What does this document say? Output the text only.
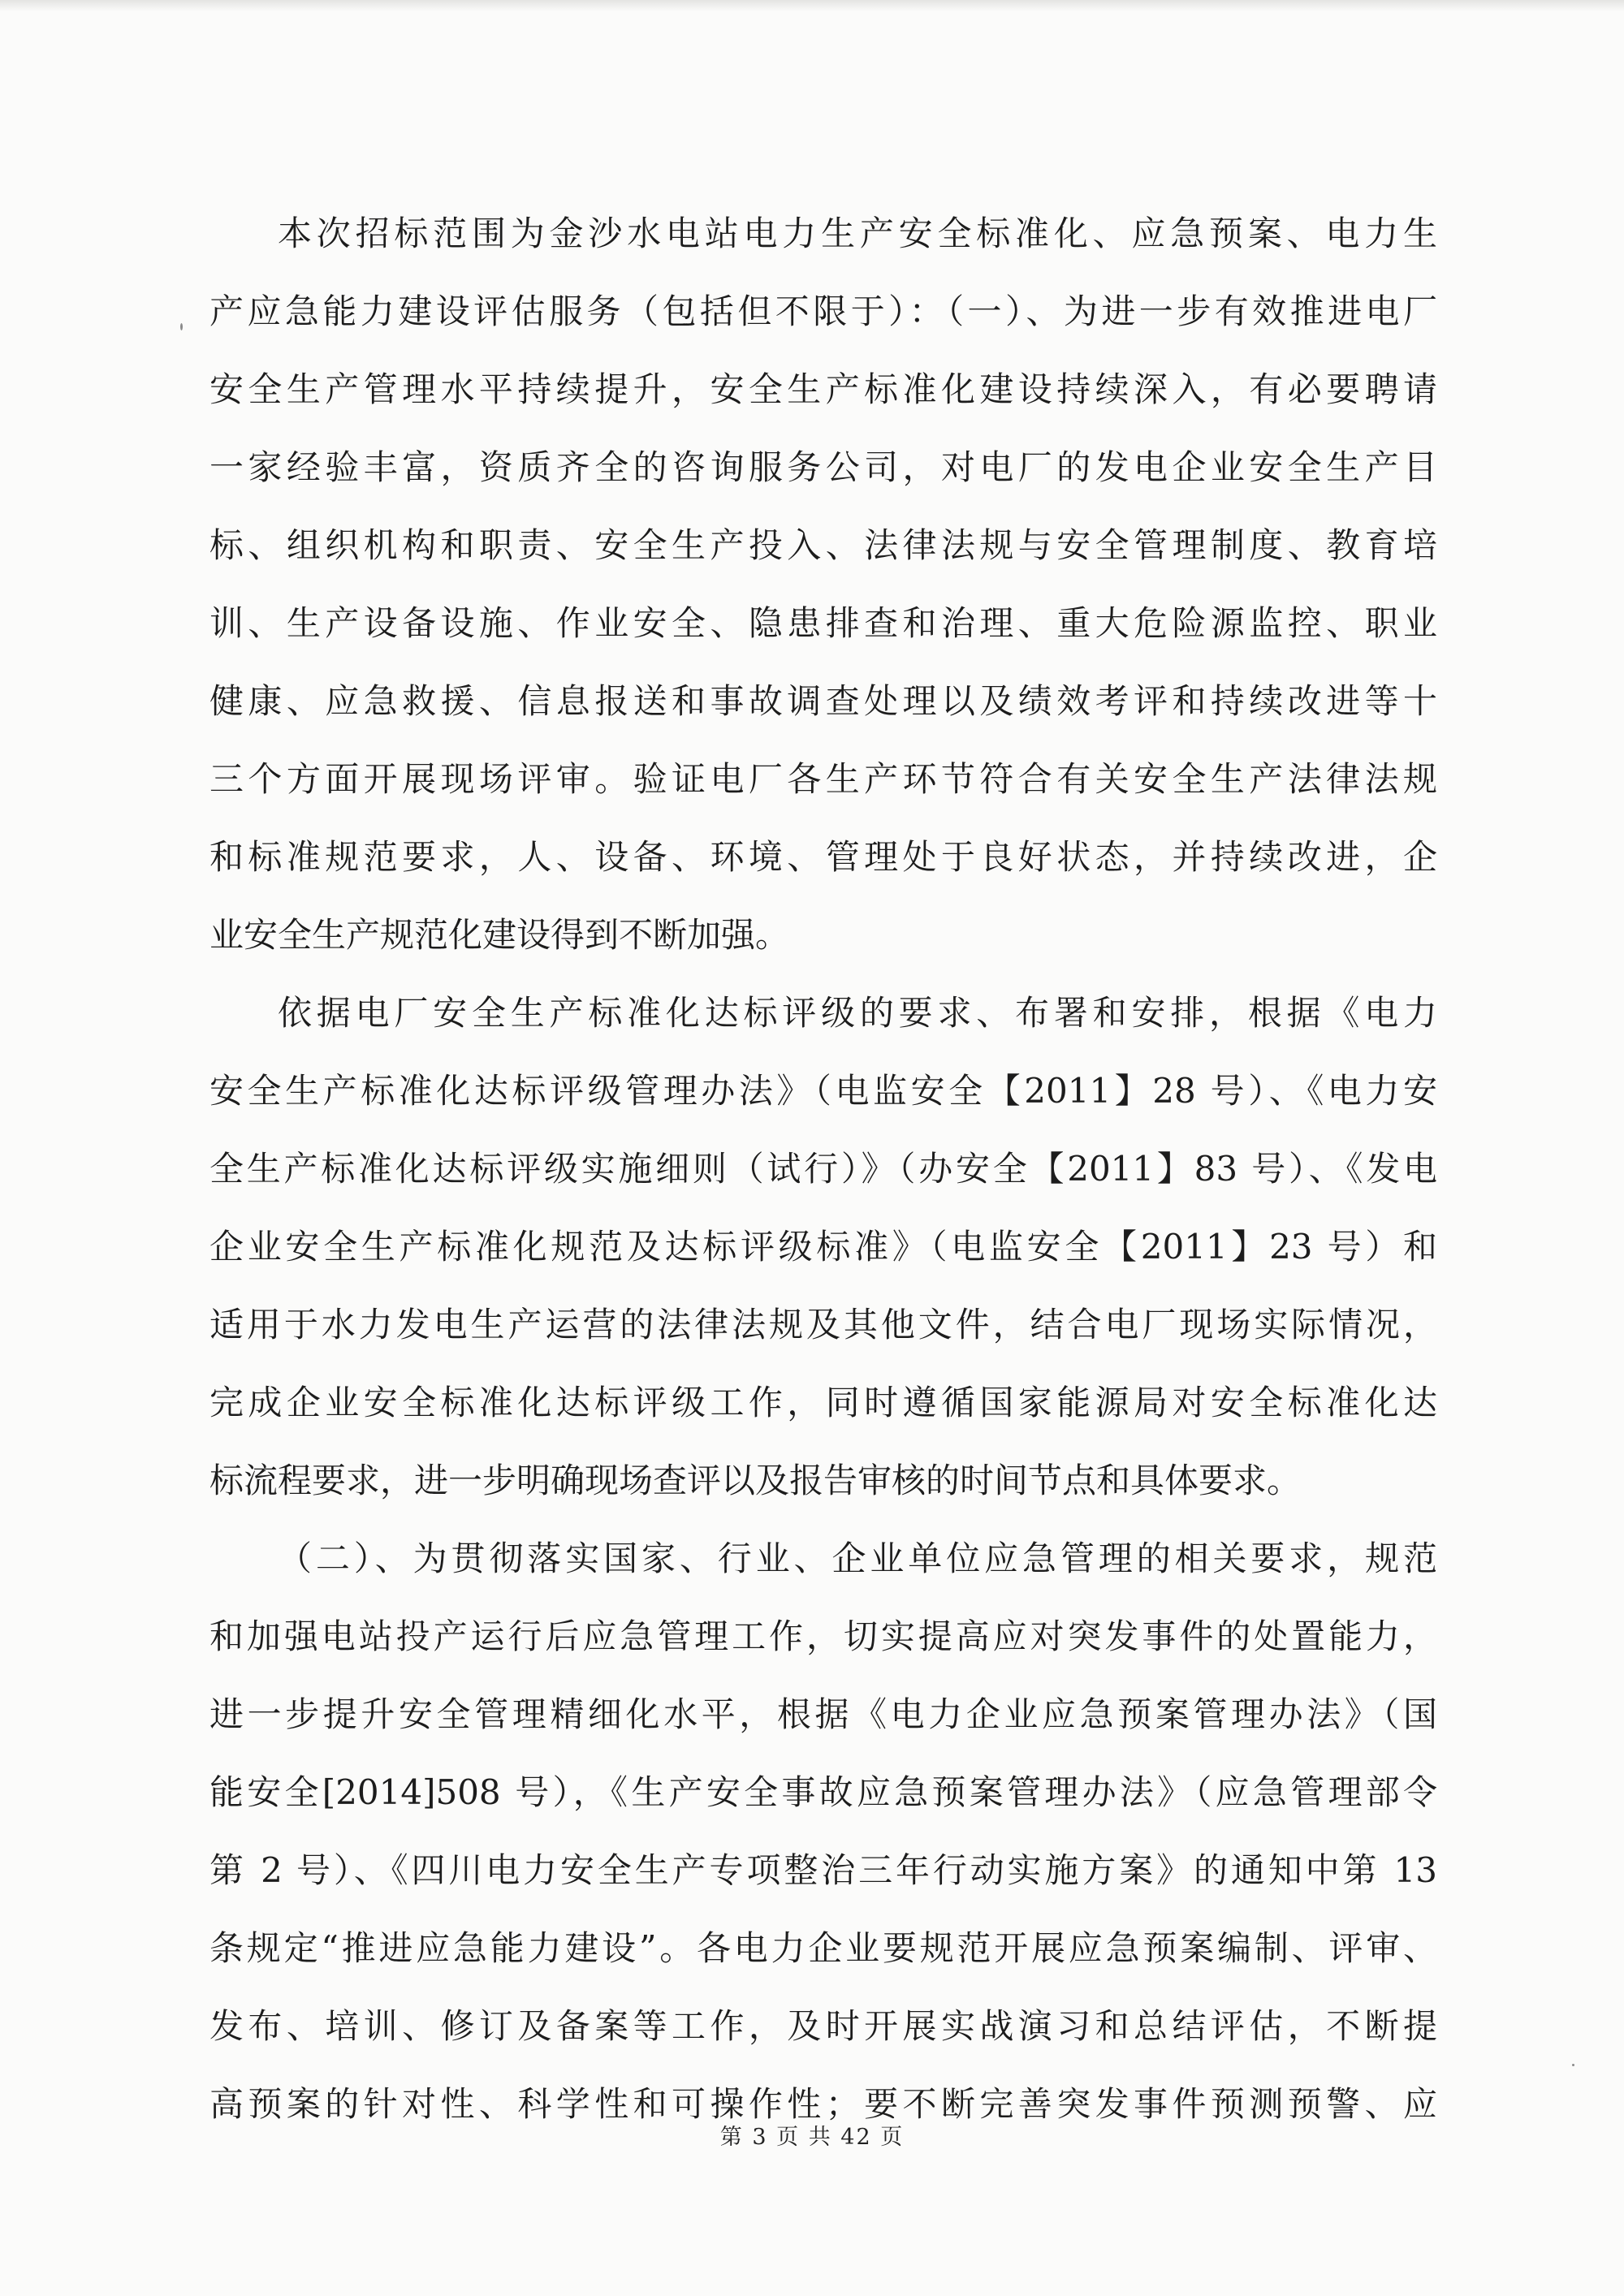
本次招标范围为金沙水电站电力生产安全标准化、应急预案、电力生
产应急能力建设评估服务（包括但不限于）：（一）、为进一步有效推进电厂
安全生产管理水平持续提升，安全生产标准化建设持续深入，有必要聘请
一家经验丰富，资质齐全的咨询服务公司，对电厂的发电企业安全生产目
标、组织机构和职责、安全生产投入、法律法规与安全管理制度、教育培
训、生产设备设施、作业安全、隐患排查和治理、重大危险源监控、职业
健康、应急救援、信息报送和事故调查处理以及绩效考评和持续改进等十
三个方面开展现场评审。验证电厂各生产环节符合有关安全生产法律法规
和标准规范要求，人、设备、环境、管理处于良好状态，并持续改进，企
业安全生产规范化建设得到不断加强。
依据电厂安全生产标准化达标评级的要求、布署和安排，根据《电力
安全生产标准化达标评级管理办法》（电监安全【2011】28 号）、《电力安
全生产标准化达标评级实施细则（试行）》（办安全【2011】83 号）、《发电
企业安全生产标准化规范及达标评级标准》（电监安全【2011】23 号）和
适用于水力发电生产运营的法律法规及其他文件，结合电厂现场实际情况，
完成企业安全标准化达标评级工作，同时遵循国家能源局对安全标准化达
标流程要求，进一步明确现场查评以及报告审核的时间节点和具体要求。
（二）、为贯彻落实国家、行业、企业单位应急管理的相关要求，规范
和加强电站投产运行后应急管理工作，切实提高应对突发事件的处置能力，
进一步提升安全管理精细化水平，根据《电力企业应急预案管理办法》（国
能安全[2014]508 号），《生产安全事故应急预案管理办法》（应急管理部令
第 2 号）、《四川电力安全生产专项整治三年行动实施方案》的通知中第 13
条规定“推进应急能力建设”。各电力企业要规范开展应急预案编制、评审、
发布、培训、修订及备案等工作，及时开展实战演习和总结评估，不断提
高预案的针对性、科学性和可操作性；要不断完善突发事件预测预警、应
第 3 页 共 42 页
